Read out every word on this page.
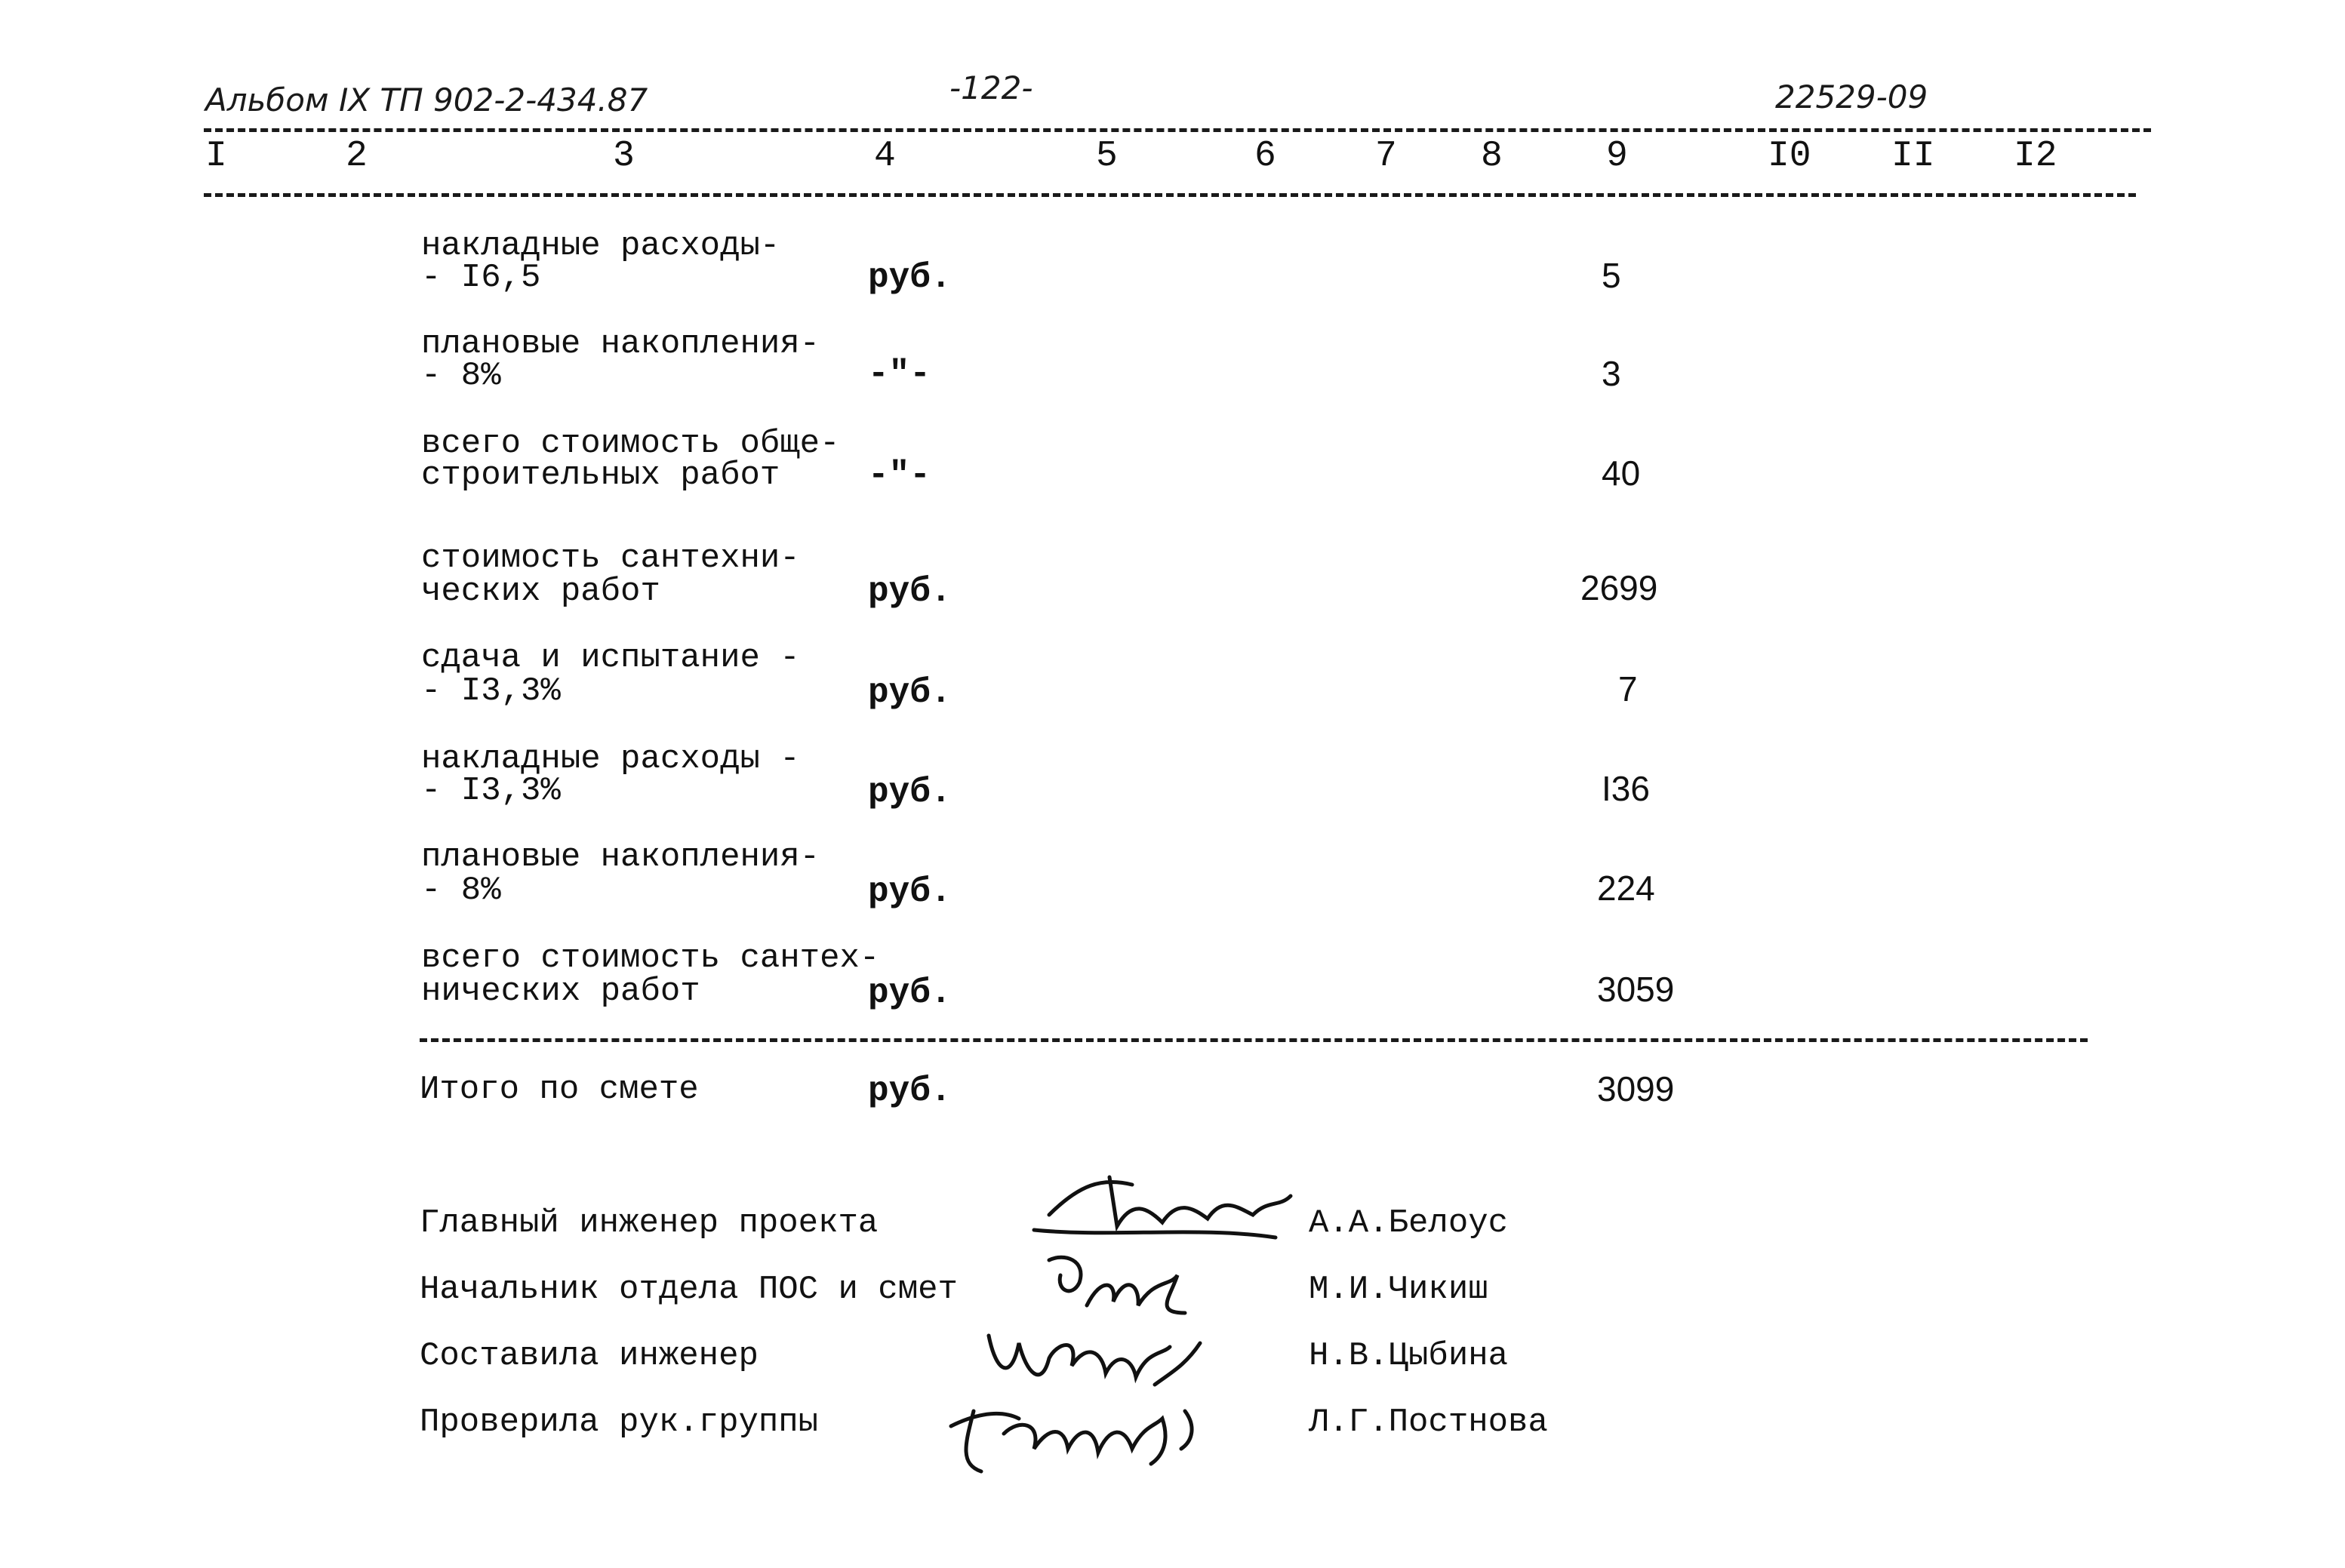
Альбом IX ТП 902-2-434.87	-122-	22529-09
I	2	3	4	5	6	7 8	9	I0 II I2
накладные расходы-
- I6,5	руб.	5
плановые накопления-
- 8%	-"-	3
всего стоимость обще-
строительных работ	-"-	40
стоимость сантехни-
ческих работ	руб.	2699
сдача и испытание -
- I3,3%	руб.	7
накладные расходы -
- I3,3%	руб.	I36
плановые накопления-
- 8%	руб.	224
всего стоимость сантех-
нических работ	руб.	3059
Итого по смете	руб.	3099
Главный инженер проекта	А.А.Белоус
Начальник отдела ПОС и смет	М.И.Чикиш
Составила инженер	Н.В.Цыбина
Проверила рук.группы	Л.Г.Постнова
